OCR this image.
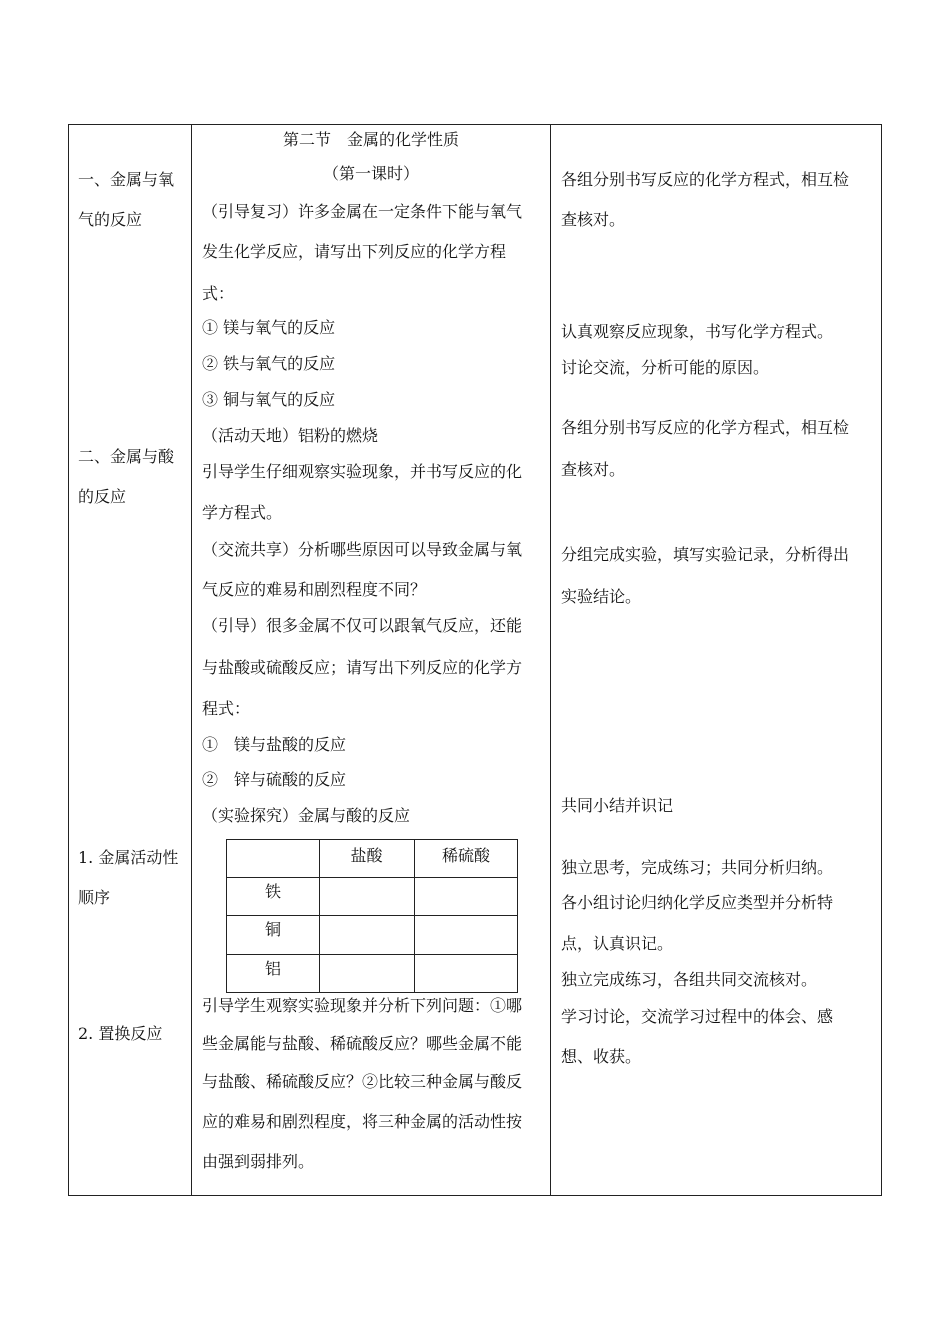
一、金属与氧
气的反应
二、金属与酸
的反应
1. 金属活动性
顺序
2. 置换反应
第二节　金属的化学性质
（第一课时）
（引导复习）许多金属在一定条件下能与氧气
发生化学反应，请写出下列反应的化学方程
式：
① 镁与氧气的反应
② 铁与氧气的反应
③ 铜与氧气的反应
（活动天地）铝粉的燃烧
引导学生仔细观察实验现象，并书写反应的化
学方程式。
（交流共享）分析哪些原因可以导致金属与氧
气反应的难易和剧烈程度不同？
（引导）很多金属不仅可以跟氧气反应，还能
与盐酸或硫酸反应；请写出下列反应的化学方
程式：
①　镁与盐酸的反应
②　锌与硫酸的反应
（实验探究）金属与酸的反应
盐酸	稀硫酸
铁
铜
铝
引导学生观察实验现象并分析下列问题：①哪
些金属能与盐酸、稀硫酸反应？哪些金属不能
与盐酸、稀硫酸反应？②比较三种金属与酸反
应的难易和剧烈程度，将三种金属的活动性按
由强到弱排列。
各组分别书写反应的化学方程式，相互检
查核对。
认真观察反应现象，书写化学方程式。
讨论交流，分析可能的原因。
各组分别书写反应的化学方程式，相互检
查核对。
分组完成实验，填写实验记录，分析得出
实验结论。
共同小结并识记
独立思考，完成练习；共同分析归纳。
各小组讨论归纳化学反应类型并分析特
点，认真识记。
独立完成练习，各组共同交流核对。
学习讨论，交流学习过程中的体会、感
想、收获。
